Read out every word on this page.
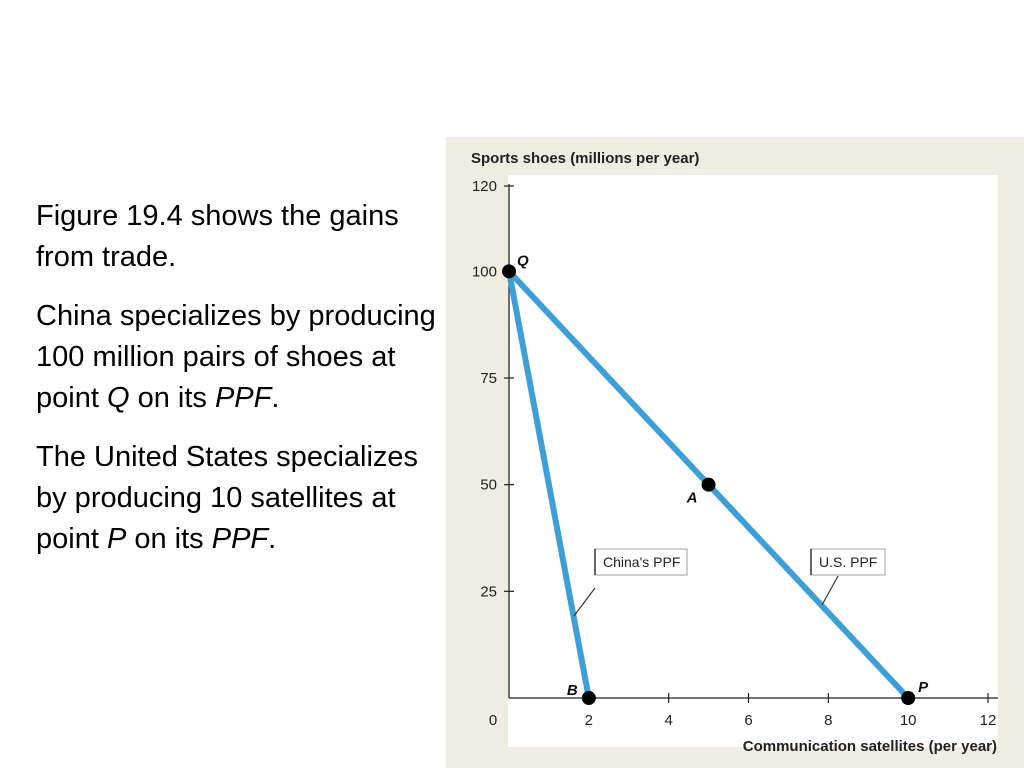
Figure 19.4 shows the gains from trade.

China specializes by producing 100 million pairs of shoes at point Q on its PPF.

The United States specializes by producing 10 satellites at point P on its PPF.

Sports shoes (millions per year)
Communication satellites (per year)
0	2	4	6	8	10	12
120
100
75
50
25
China's PPF	U.S. PPF
Q
A
B	P
